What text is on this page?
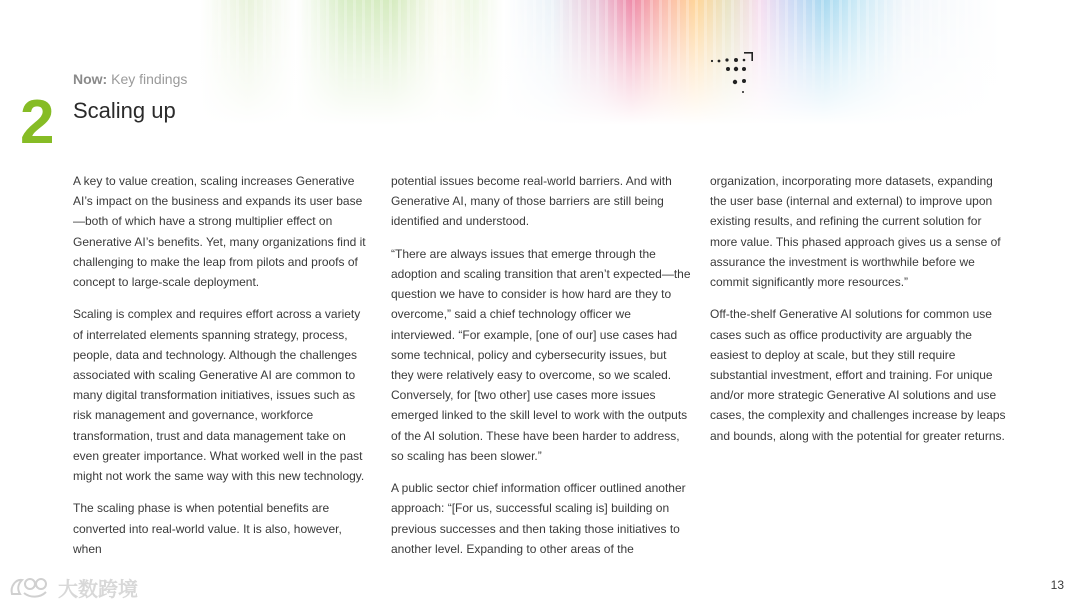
Now: Key findings
2 Scaling up

A key to value creation, scaling increases Generative AI’s impact on the business and expands its user base—both of which have a strong multiplier effect on Generative AI’s benefits. Yet, many organizations find it challenging to make the leap from pilots and proofs of concept to large-scale deployment.

Scaling is complex and requires effort across a variety of interrelated elements spanning strategy, process, people, data and technology. Although the challenges associated with scaling Generative AI are common to many digital transformation initiatives, issues such as risk management and governance, workforce transformation, trust and data management take on even greater importance. What worked well in the past might not work the same way with this new technology.

The scaling phase is when potential benefits are converted into real-world value. It is also, however, when

potential issues become real-world barriers. And with Generative AI, many of those barriers are still being identified and understood.

“There are always issues that emerge through the adoption and scaling transition that aren’t expected—the question we have to consider is how hard are they to overcome,” said a chief technology officer we interviewed. “For example, [one of our] use cases had some technical, policy and cybersecurity issues, but they were relatively easy to overcome, so we scaled. Conversely, for [two other] use cases more issues emerged linked to the skill level to work with the outputs of the AI solution. These have been harder to address, so scaling has been slower.”

A public sector chief information officer outlined another approach: “[For us, successful scaling is] building on previous successes and then taking those initiatives to another level. Expanding to other areas of the

organization, incorporating more datasets, expanding the user base (internal and external) to improve upon existing results, and refining the current solution for more value. This phased approach gives us a sense of assurance the investment is worthwhile before we commit significantly more resources.”

Off-the-shelf Generative AI solutions for common use cases such as office productivity are arguably the easiest to deploy at scale, but they still require substantial investment, effort and training. For unique and/or more strategic Generative AI solutions and use cases, the complexity and challenges increase by leaps and bounds, along with the potential for greater returns.

大数跨境	13
